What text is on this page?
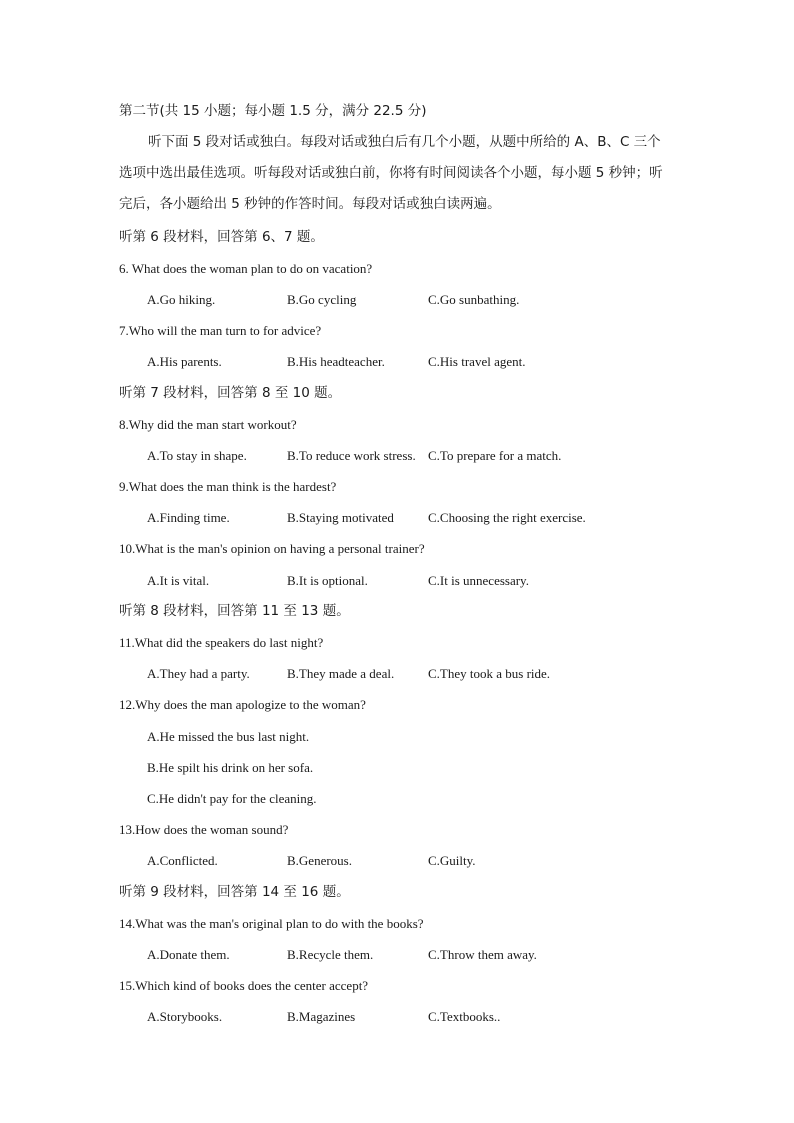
第二节(共 15 小题；每小题 1.5 分，满分 22.5 分)
听下面 5 段对话或独白。每段对话或独白后有几个小题，从题中所给的 A、B、C 三个
选项中选出最佳选项。听每段对话或独白前，你将有时间阅读各个小题，每小题 5 秒钟；听
完后，各小题给出 5 秒钟的作答时间。每段对话或独白读两遍。
听第 6 段材料，回答第 6、7 题。
6. What does the woman plan to do on vacation?
A.Go hiking.	B.Go cycling	C.Go sunbathing.
7.Who will the man turn to for advice?
A.His parents.	B.His headteacher.	C.His travel agent.
听第 7 段材料，回答第 8 至 10 题。
8.Why did the man start workout?
A.To stay in shape.	B.To reduce work stress. C.To prepare for a match.
9.What does the man think is the hardest?
A.Finding time.	B.Staying motivated	C.Choosing the right exercise.
10.What is the man's opinion on having a personal trainer?
A.It is vital.	B.It is optional.	C.It is unnecessary.
听第 8 段材料，回答第 11 至 13 题。
11.What did the speakers do last night?
A.They had a party.	B.They made a deal.	C.They took a bus ride.
12.Why does the man apologize to the woman?
A.He missed the bus last night.
B.He spilt his drink on her sofa.
C.He didn't pay for the cleaning.
13.How does the woman sound?
A.Conflicted.	B.Generous.	C.Guilty.
听第 9 段材料，回答第 14 至 16 题。
14.What was the man's original plan to do with the books?
A.Donate them.	B.Recycle them.	C.Throw them away.
15.Which kind of books does the center accept?
A.Storybooks.	B.Magazines	C.Textbooks..
